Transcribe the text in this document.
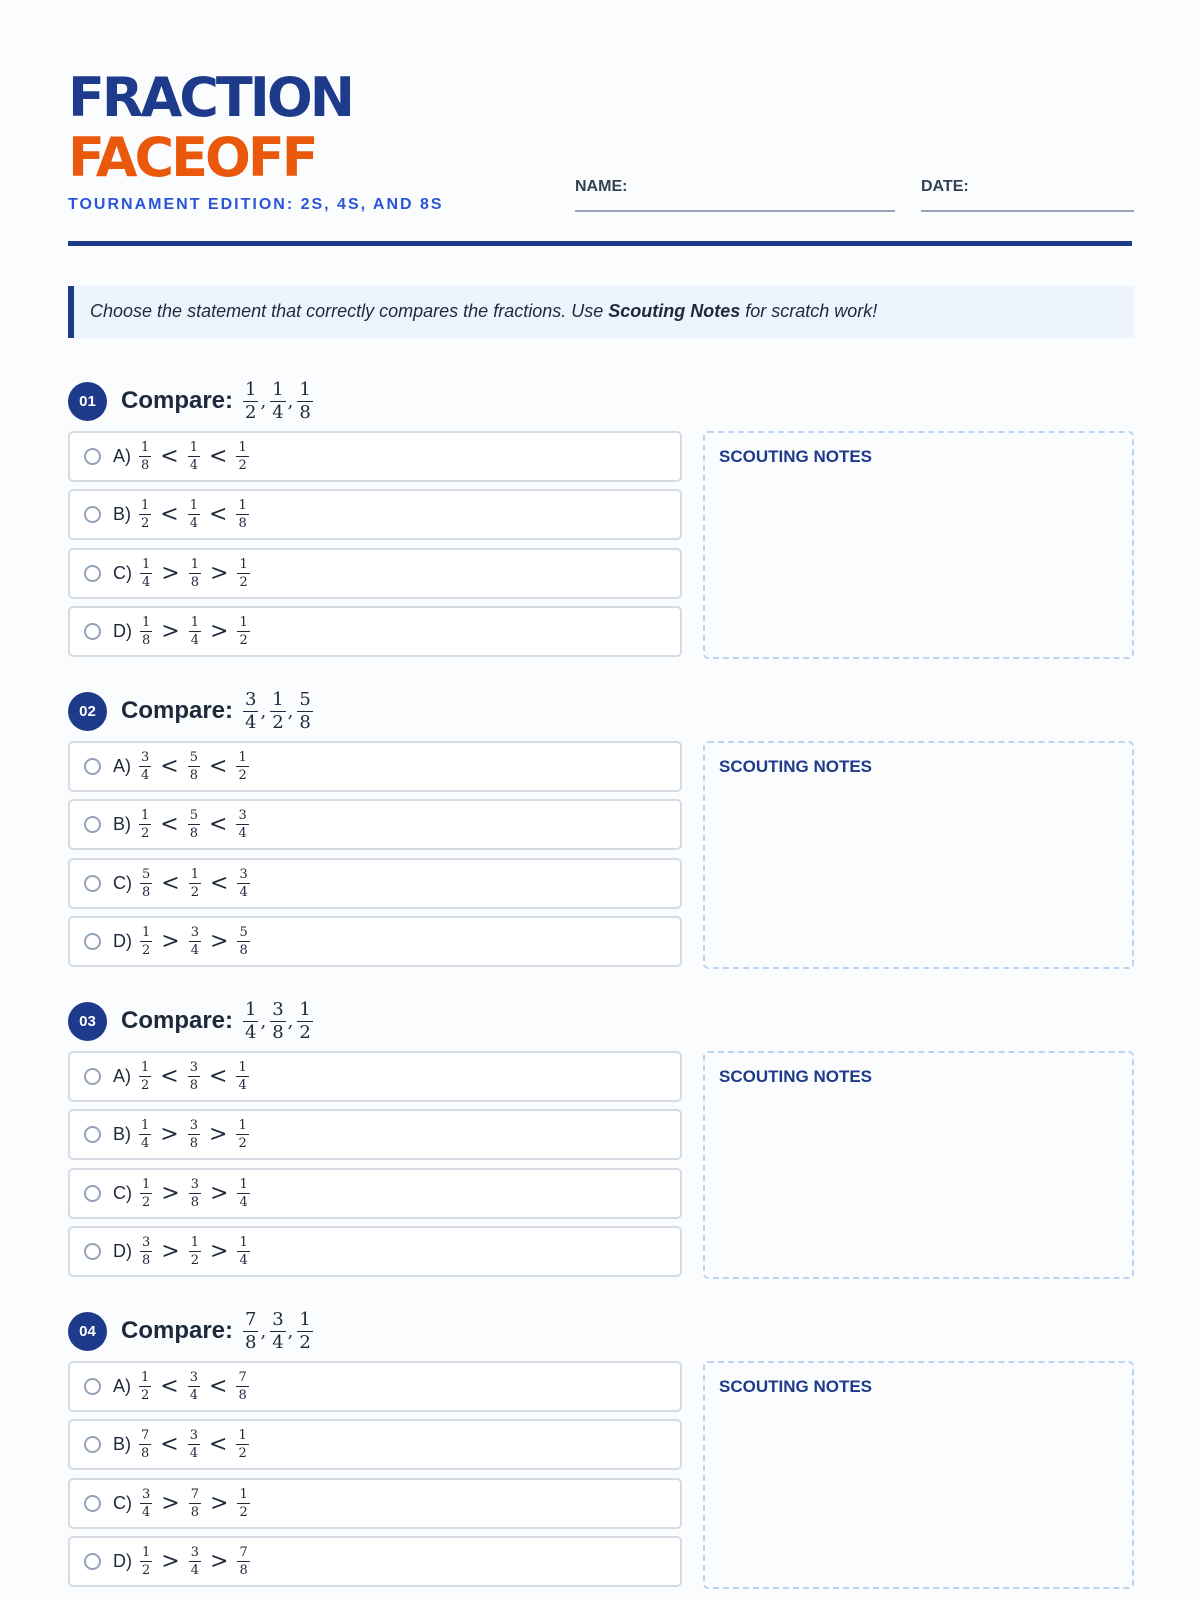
FRACTION
FACEOFF
TOURNAMENT EDITION: 2S, 4S, AND 8S
NAME:	DATE:
Choose the statement that correctly compares the fractions. Use Scouting Notes for scratch work!
01	Compare: $\frac{1}{2}$ , $\frac{1}{4}$ , $\frac{1}{8}$
$A) \frac{1}{8} < \frac{1}{4} < \frac{1}{2}$
$B) \frac{1}{2} < \frac{1}{4} < \frac{1}{8}$
$C) \frac{1}{4} > \frac{1}{8} > \frac{1}{2}$
$D) \frac{1}{8} > \frac{1}{4} > \frac{1}{2}$
SCOUTING NOTES
02	Compare: $\frac{3}{4}$ , $\frac{1}{2}$ , $\frac{5}{8}$
$A) \frac{3}{4} < \frac{5}{8} < \frac{1}{2}$
$B) \frac{1}{2} < \frac{5}{8} < \frac{3}{4}$
$C) \frac{5}{8} < \frac{1}{2} < \frac{3}{4}$
$D) \frac{1}{2} > \frac{3}{4} > \frac{5}{8}$
SCOUTING NOTES
03	Compare: $\frac{1}{4}$ , $\frac{3}{8}$ , $\frac{1}{2}$
$A) \frac{1}{2} < \frac{3}{8} < \frac{1}{4}$
$B) \frac{1}{4} > \frac{3}{8} > \frac{1}{2}$
$C) \frac{1}{2} > \frac{3}{8} > \frac{1}{4}$
$D) \frac{3}{8} > \frac{1}{2} > \frac{1}{4}$
SCOUTING NOTES
04	Compare: $\frac{7}{8}$ , $\frac{3}{4}$ , $\frac{1}{2}$
$A) \frac{1}{2} < \frac{3}{4} < \frac{7}{8}$
$B) \frac{7}{8} < \frac{3}{4} < \frac{1}{2}$
$C) \frac{3}{4} > \frac{7}{8} > \frac{1}{2}$
$D) \frac{1}{2} > \frac{3}{4} > \frac{7}{8}$
SCOUTING NOTES
